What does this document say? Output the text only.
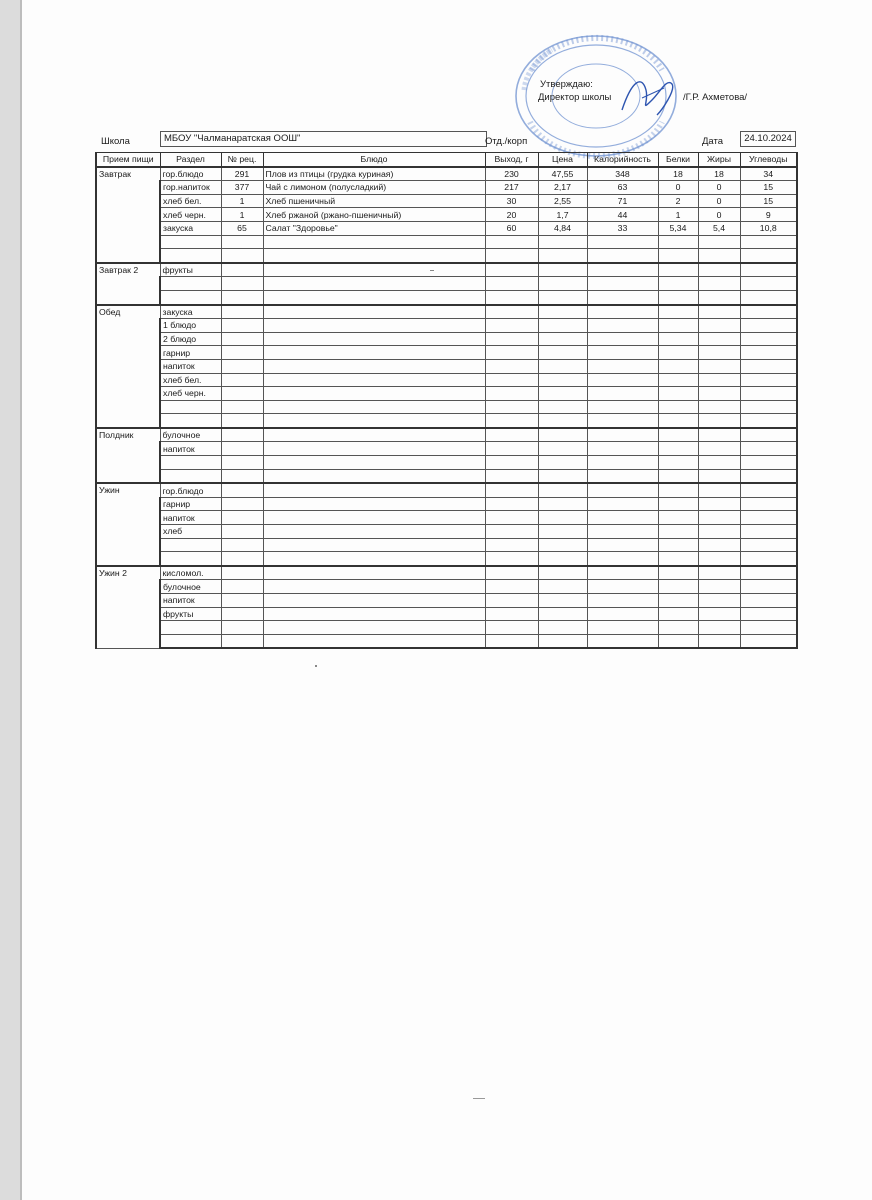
Утверждаю:
Директор школы	/Г.Р. Ахметова/
Школа	МБОУ "Чалманаратская ООШ"	Отд./корп	Дата	24.10.2024
Прием пищи	Раздел	№ рец.	Блюдо	Выход, г	Цена	Калорийность	Белки	Жиры	Углеводы
Завтрак	гор.блюдо	291	Плов из птицы (грудка куриная)	230	47,55	348	18	18	34
	гор.напиток	377	Чай с лимоном (полусладкий)	217	2,17	63	0	0	15
	хлеб бел.	1	Хлеб пшеничный	30	2,55	71	2	0	15
	хлеб черн.	1	Хлеб ржаной (ржано-пшеничный)	20	1,7	44	1	0	9
	закуска	65	Салат "Здоровье"	60	4,84	33	5,34	5,4	10,8

Завтрак 2	фрукты								

Обед	закуска								
	1 блюдо								
	2 блюдо								
	гарнир								
	напиток								
	хлеб бел.								
	хлеб черн.								

Полдник	булочное								
	напиток								

Ужин	гор.блюдо								
	гарнир								
	напиток								
	хлеб								

Ужин 2	кисломол.								
	булочное								
	напиток								
	фрукты								
